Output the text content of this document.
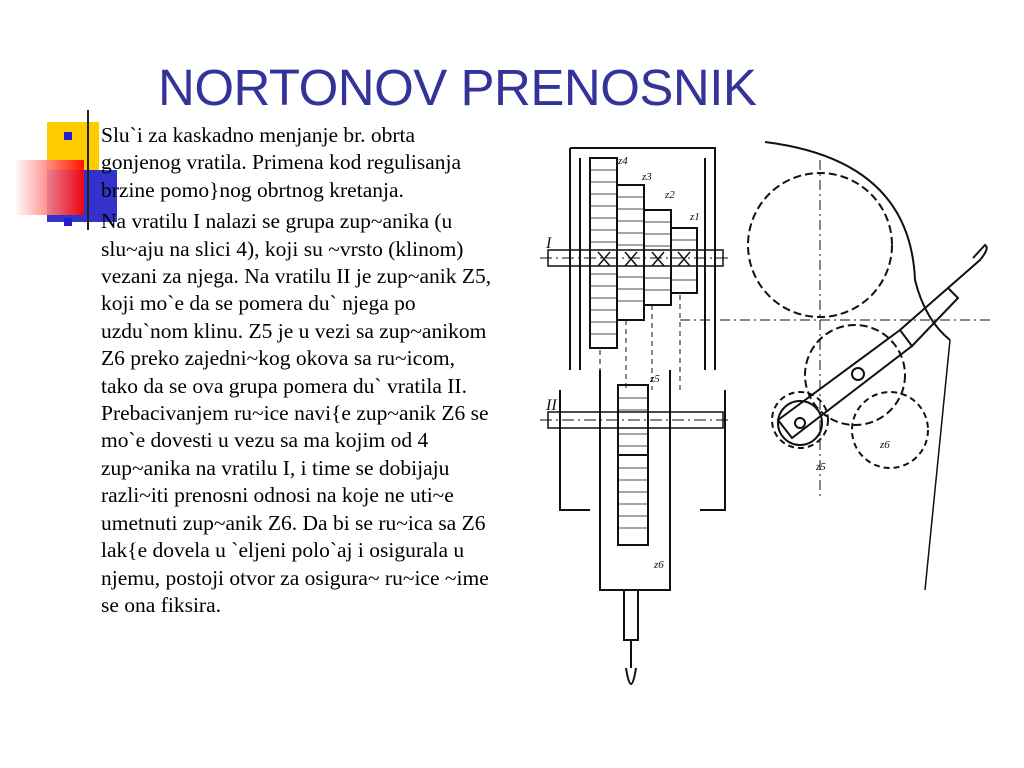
NORTONOV PRENOSNIK
Slu`i za kaskadno menjanje br. obrta gonjenog vratila. Primena kod regulisanja brzine pomo}nog obrtnog kretanja.
Na vratilu I nalazi se grupa zup~anika (u slu~aju na slici 4), koji su ~vrsto (klinom) vezani za njega. Na vratilu II je zup~anik Z5, koji mo`e da se pomera du` njega po uzdu`nom klinu. Z5 je u vezi sa zup~anikom Z6 preko zajedni~kog okova sa ru~icom, tako da se ova grupa pomera du` vratila II. Prebacivanjem ru~ice navi{e zup~anik Z6 se mo`e dovesti u vezu sa ma kojim od 4 zup~anika na vratilu I, i time se dobijaju razli~iti prenosni odnosi na koje ne uti~e umetnuti zup~anik Z6. Da bi se ru~ica sa Z6 lak{e dovela u `eljeni polo`aj i osigurala u njemu, postoji otvor za osigura~ ru~ice ~ime se ona fiksira.
I
z4
z3
z2
z1
II
z5
z6
z5
z6
